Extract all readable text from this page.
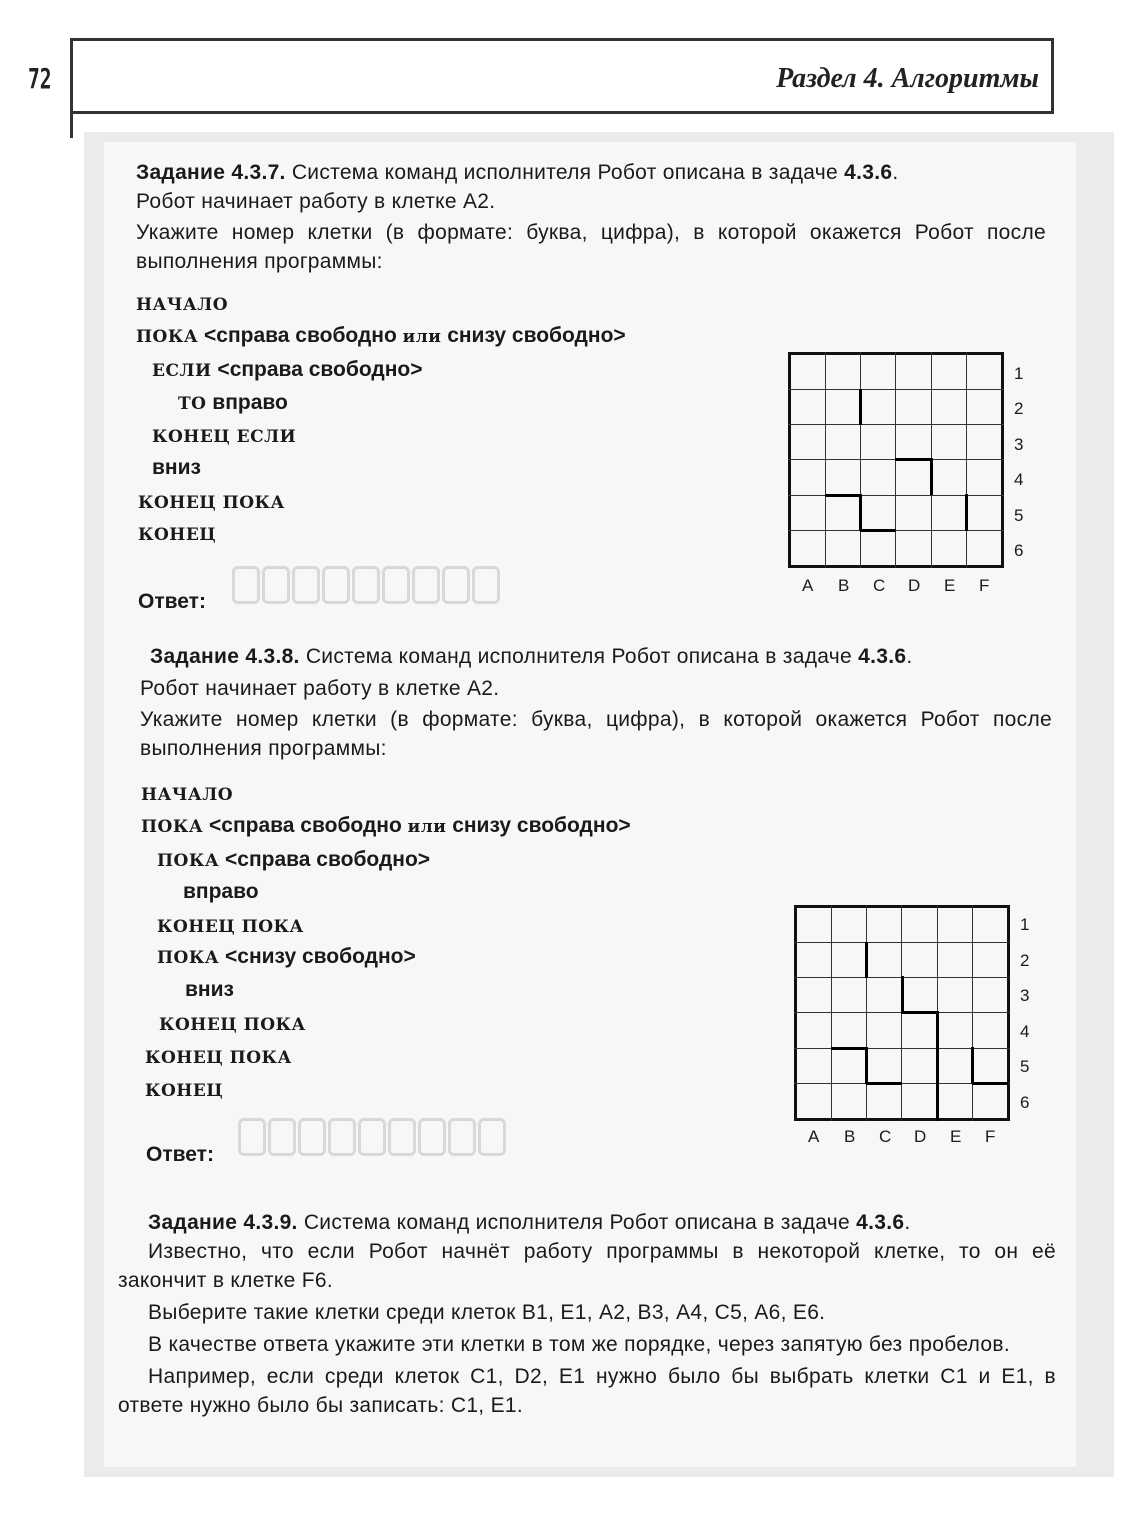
72	Раздел 4. Алгоритмы

Задание 4.3.7. Система команд исполнителя Робот описана в задаче 4.3.6.

Робот начинает работу в клетке А2.

Укажите номер клетки (в формате: буква, цифра), в которой окажется Робот после выполнения программы:

НАЧАЛО
ПОКА <справа свободно или снизу свободно>
ЕСЛИ <справа свободно>
ТО вправо
КОНЕЦ ЕСЛИ
вниз
КОНЕЦ ПОКА
КОНЕЦ
Ответ:
1
2
3
4
5
6
A B C D E F

Задание 4.3.8. Система команд исполнителя Робот описана в задаче 4.3.6.

Робот начинает работу в клетке А2.

Укажите номер клетки (в формате: буква, цифра), в которой окажется Робот после выполнения программы:

НАЧАЛО
ПОКА <справа свободно или снизу свободно>
ПОКА <справа свободно>
вправо
КОНЕЦ ПОКА
ПОКА <снизу свободно>
вниз
КОНЕЦ ПОКА
КОНЕЦ ПОКА
КОНЕЦ
Ответ:
1
2
3
4
5
6
A B C D E F

Задание 4.3.9. Система команд исполнителя Робот описана в задаче 4.3.6.

Известно, что если Робот начнёт работу программы в некоторой клетке, то он её закончит в клетке F6.

Выберите такие клетки среди клеток В1, Е1, А2, В3, А4, С5, А6, Е6.

В качестве ответа укажите эти клетки в том же порядке, через запятую без пробелов.

Например, если среди клеток С1, D2, Е1 нужно было бы выбрать клетки С1 и Е1, в ответе нужно было бы записать: С1, Е1.
